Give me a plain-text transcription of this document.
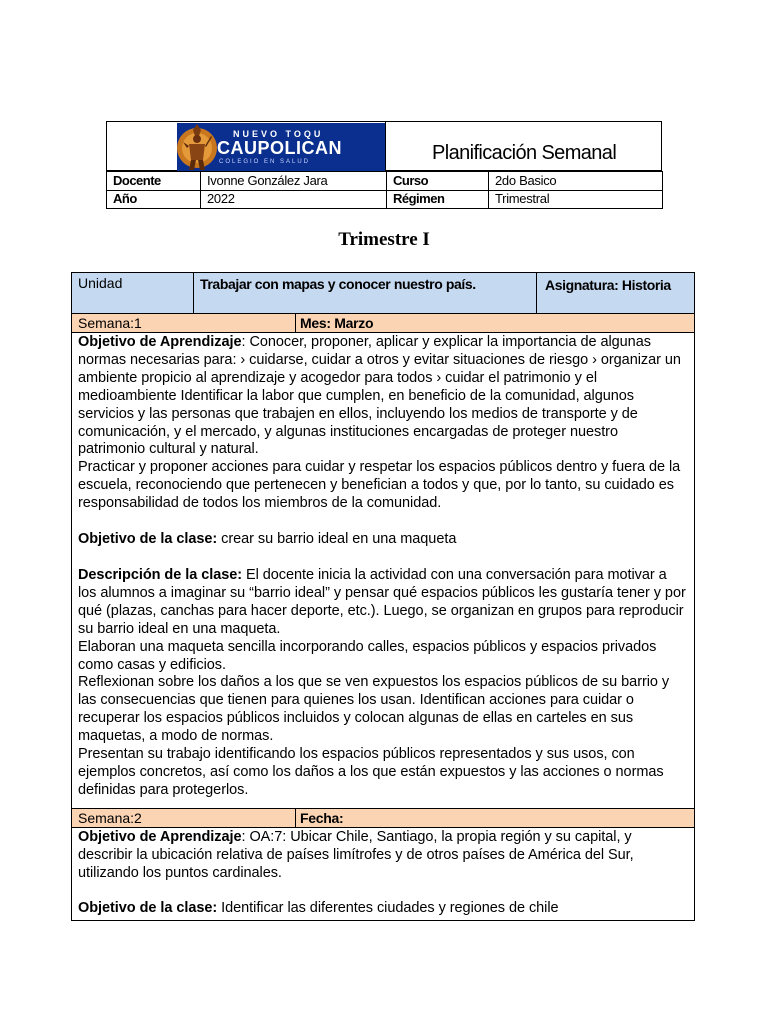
NUEVO TOQU
CAUPOLICAN
COLEGIO EN SALUD	Planificación Semanal
Docente	Ivonne González Jara	Curso	2do Basico
Año	2022	Régimen	Trimestral
Trimestre I
Unidad	Trabajar con mapas y conocer nuestro país.	Asignatura: Historia
Semana:1	Mes: Marzo

Objetivo de Aprendizaje: Conocer, proponer, aplicar y explicar la importancia de algunas normas necesarias para: › cuidarse, cuidar a otros y evitar situaciones de riesgo › organizar un ambiente propicio al aprendizaje y acogedor para todos › cuidar el patrimonio y el medioambiente Identificar la labor que cumplen, en beneficio de la comunidad, algunos servicios y las personas que trabajen en ellos, incluyendo los medios de transporte y de comunicación, y el mercado, y algunas instituciones encargadas de proteger nuestro patrimonio cultural y natural.

Practicar y proponer acciones para cuidar y respetar los espacios públicos dentro y fuera de la escuela, reconociendo que pertenecen y benefician a todos y que, por lo tanto, su cuidado es responsabilidad de todos los miembros de la comunidad.

Objetivo de la clase: crear su barrio ideal en una maqueta

Descripción de la clase: El docente inicia la actividad con una conversación para motivar a los alumnos a imaginar su “barrio ideal” y pensar qué espacios públicos les gustaría tener y por qué (plazas, canchas para hacer deporte, etc.). Luego, se organizan en grupos para reproducir su barrio ideal en una maqueta.

Elaboran una maqueta sencilla incorporando calles, espacios públicos y espacios privados como casas y edificios.

Reflexionan sobre los daños a los que se ven expuestos los espacios públicos de su barrio y las consecuencias que tienen para quienes los usan. Identifican acciones para cuidar o recuperar los espacios públicos incluidos y colocan algunas de ellas en carteles en sus maquetas, a modo de normas.

Presentan su trabajo identificando los espacios públicos representados y sus usos, con ejemplos concretos, así como los daños a los que están expuestos y las acciones o normas definidas para protegerlos.

Semana:2	Fecha:

Objetivo de Aprendizaje: OA:7: Ubicar Chile, Santiago, la propia región y su capital, y describir la ubicación relativa de países limítrofes y de otros países de América del Sur, utilizando los puntos cardinales.

Objetivo de la clase: Identificar las diferentes ciudades y regiones de chile
